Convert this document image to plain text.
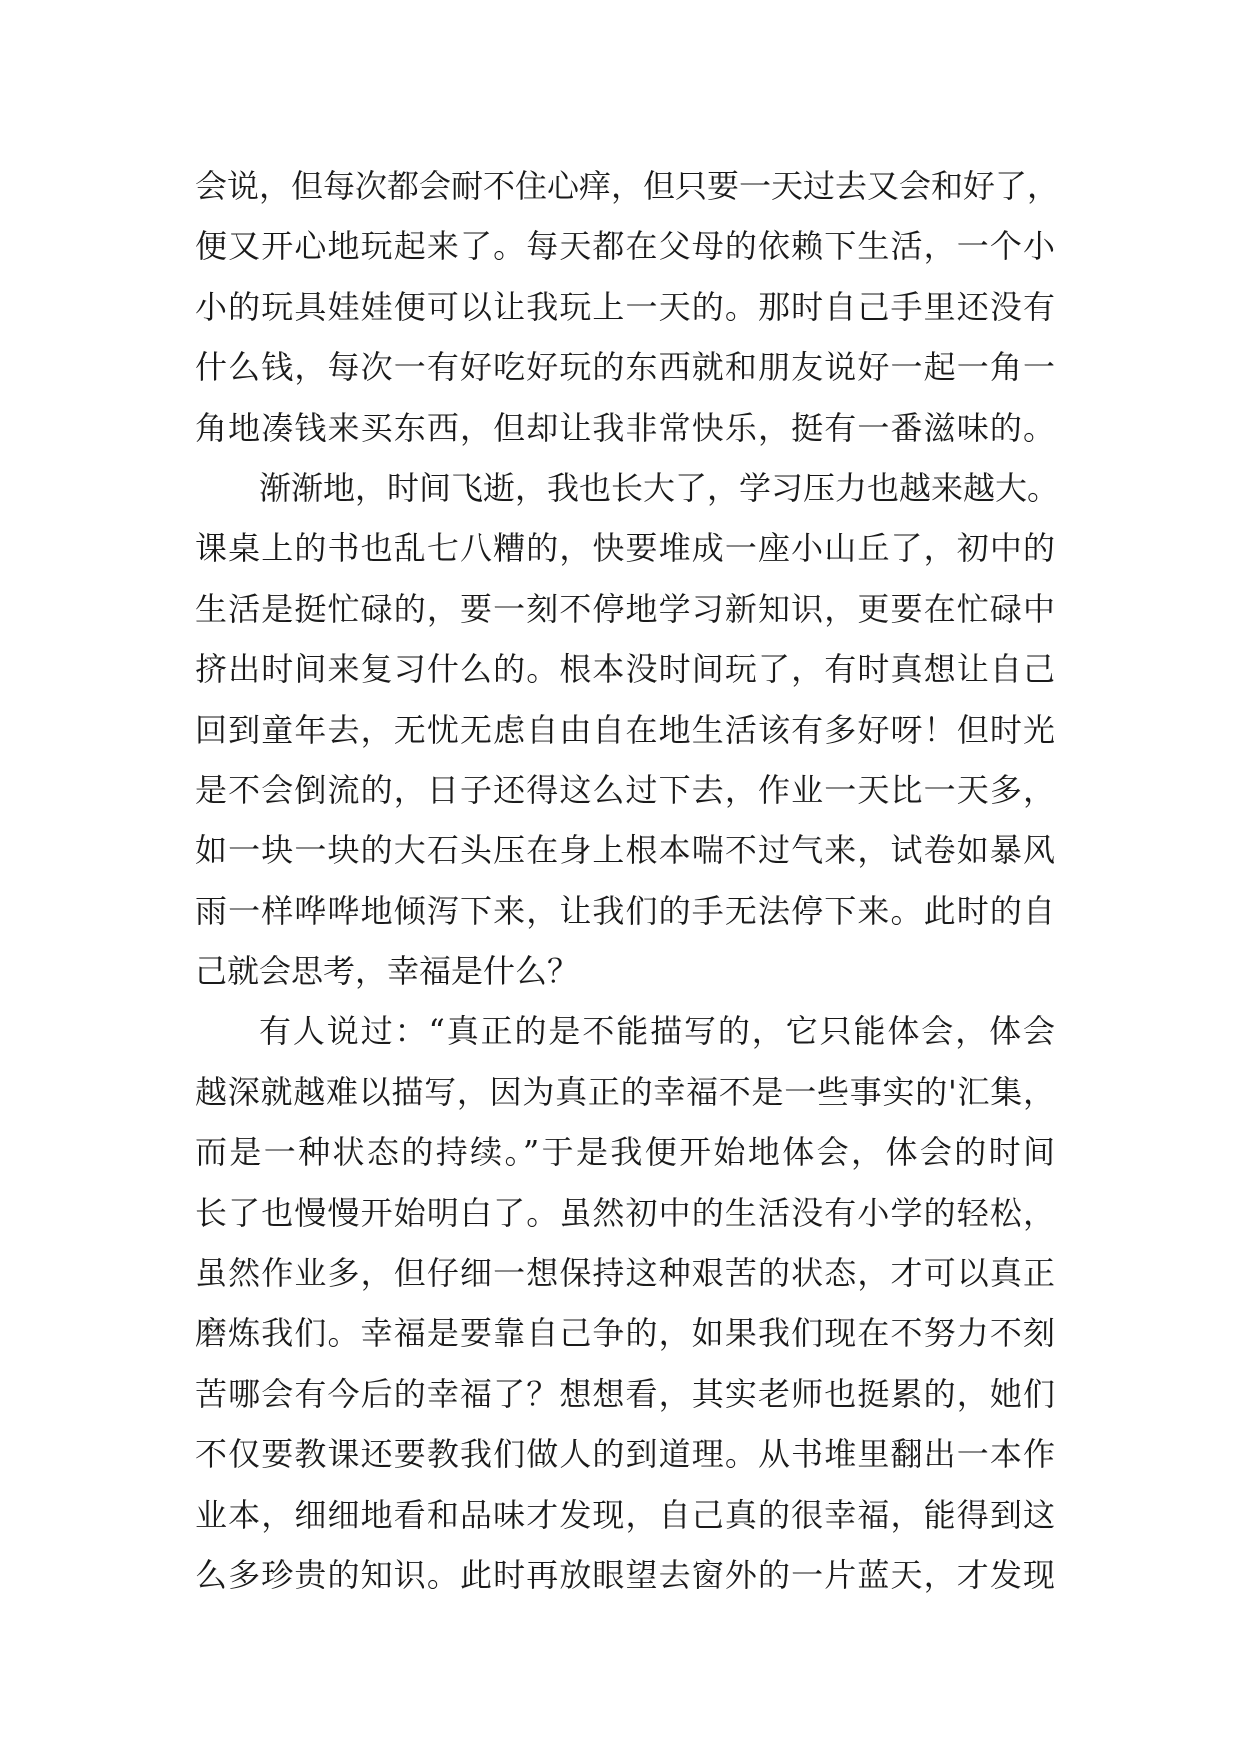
会说，但每次都会耐不住心痒，但只要一天过去又会和好了，
便又开心地玩起来了。每天都在父母的依赖下生活，一个小
小的玩具娃娃便可以让我玩上一天的。那时自己手里还没有
什么钱，每次一有好吃好玩的东西就和朋友说好一起一角一
角地凑钱来买东西，但却让我非常快乐，挺有一番滋味的。
渐渐地，时间飞逝，我也长大了，学习压力也越来越大。
课桌上的书也乱七八糟的，快要堆成一座小山丘了，初中的
生活是挺忙碌的，要一刻不停地学习新知识，更要在忙碌中
挤出时间来复习什么的。根本没时间玩了，有时真想让自己
回到童年去，无忧无虑自由自在地生活该有多好呀！但时光
是不会倒流的，日子还得这么过下去，作业一天比一天多，
如一块一块的大石头压在身上根本喘不过气来，试卷如暴风
雨一样哗哗地倾泻下来，让我们的手无法停下来。此时的自
己就会思考，幸福是什么？
有人说过：“真正的是不能描写的，它只能体会，体会
越深就越难以描写，因为真正的幸福不是一些事实的'汇集，
而是一种状态的持续。”于是我便开始地体会，体会的时间
长了也慢慢开始明白了。虽然初中的生活没有小学的轻松，
虽然作业多，但仔细一想保持这种艰苦的状态，才可以真正
磨炼我们。幸福是要靠自己争的，如果我们现在不努力不刻
苦哪会有今后的幸福了？想想看，其实老师也挺累的，她们
不仅要教课还要教我们做人的到道理。从书堆里翻出一本作
业本，细细地看和品味才发现，自己真的很幸福，能得到这
么多珍贵的知识。此时再放眼望去窗外的一片蓝天，才发现
